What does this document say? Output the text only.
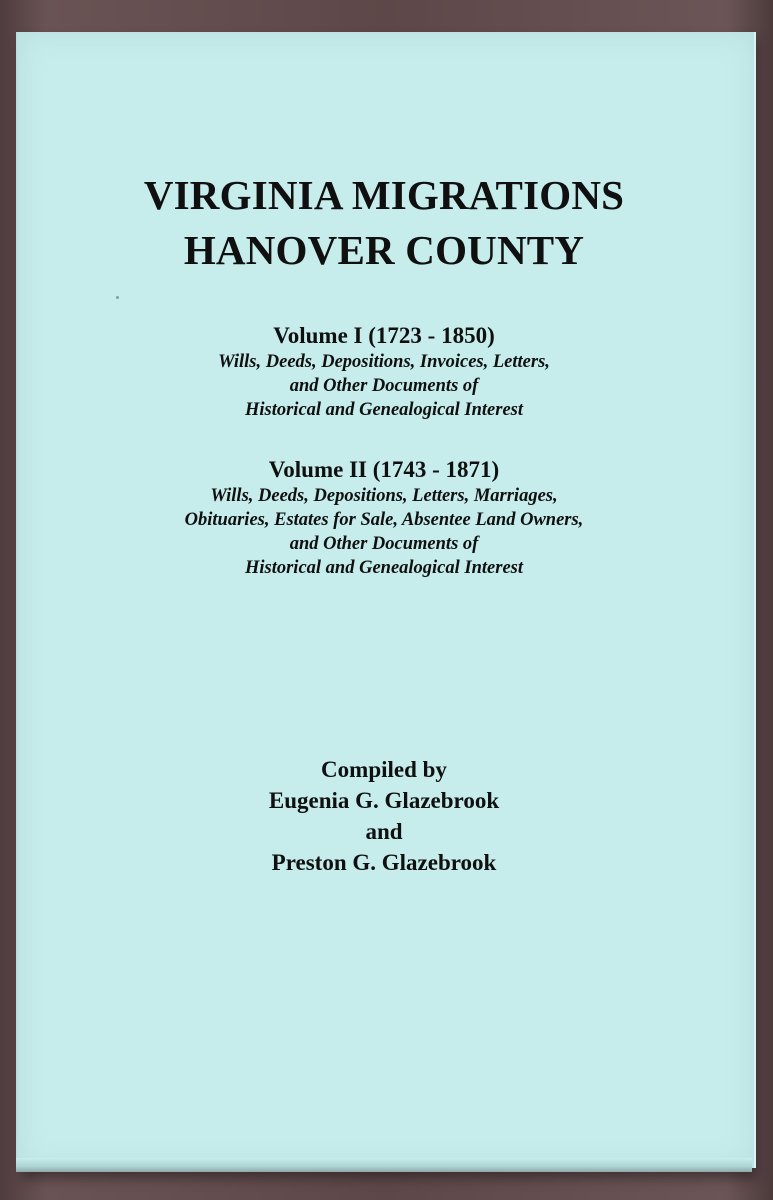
VIRGINIA MIGRATIONS
HANOVER COUNTY
Volume I (1723 - 1850)
Wills, Deeds, Depositions, Invoices, Letters,
and Other Documents of
Historical and Genealogical Interest
Volume II (1743 - 1871)
Wills, Deeds, Depositions, Letters, Marriages,
Obituaries, Estates for Sale, Absentee Land Owners,
and Other Documents of
Historical and Genealogical Interest
Compiled by
Eugenia G. Glazebrook
and
Preston G. Glazebrook
